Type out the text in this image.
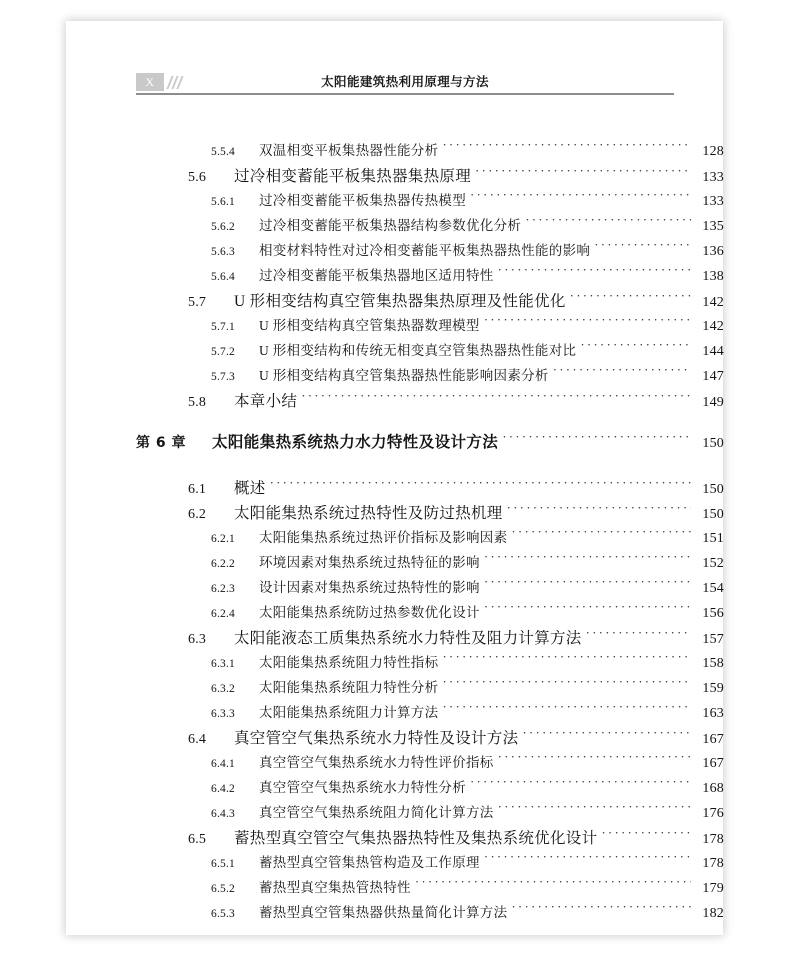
X	太阳能建筑热利用原理与方法
5.5.4	双温相变平板集热器性能分析 ·····	128
5.6	过冷相变蓄能平板集热器集热原理 ·····	133
5.6.1	过冷相变蓄能平板集热器传热模型 ·····	133
5.6.2	过冷相变蓄能平板集热器结构参数优化分析 ·····	135
5.6.3	相变材料特性对过冷相变蓄能平板集热器热性能的影响 ·····	136
5.6.4	过冷相变蓄能平板集热器地区适用特性 ·····	138
5.7	U 形相变结构真空管集热器集热原理及性能优化 ·····	142
5.7.1	U 形相变结构真空管集热器数理模型 ·····	142
5.7.2	U 形相变结构和传统无相变真空管集热器热性能对比 ·····	144
5.7.3	U 形相变结构真空管集热器热性能影响因素分析 ·····	147
5.8	本章小结 ·····	149
第 6 章	太阳能集热系统热力水力特性及设计方法 ·····	150
6.1	概述 ·····	150
6.2	太阳能集热系统过热特性及防过热机理 ·····	150
6.2.1	太阳能集热系统过热评价指标及影响因素 ·····	151
6.2.2	环境因素对集热系统过热特征的影响 ·····	152
6.2.3	设计因素对集热系统过热特性的影响 ·····	154
6.2.4	太阳能集热系统防过热参数优化设计 ·····	156
6.3	太阳能液态工质集热系统水力特性及阻力计算方法 ·····	157
6.3.1	太阳能集热系统阻力特性指标 ·····	158
6.3.2	太阳能集热系统阻力特性分析 ·····	159
6.3.3	太阳能集热系统阻力计算方法 ·····	163
6.4	真空管空气集热系统水力特性及设计方法 ·····	167
6.4.1	真空管空气集热系统水力特性评价指标 ·····	167
6.4.2	真空管空气集热系统水力特性分析 ·····	168
6.4.3	真空管空气集热系统阻力简化计算方法 ·····	176
6.5	蓄热型真空管空气集热器热特性及集热系统优化设计 ·····	178
6.5.1	蓄热型真空管集热管构造及工作原理 ·····	178
6.5.2	蓄热型真空集热管热特性 ·····	179
6.5.3	蓄热型真空管集热器供热量简化计算方法 ·····	182
